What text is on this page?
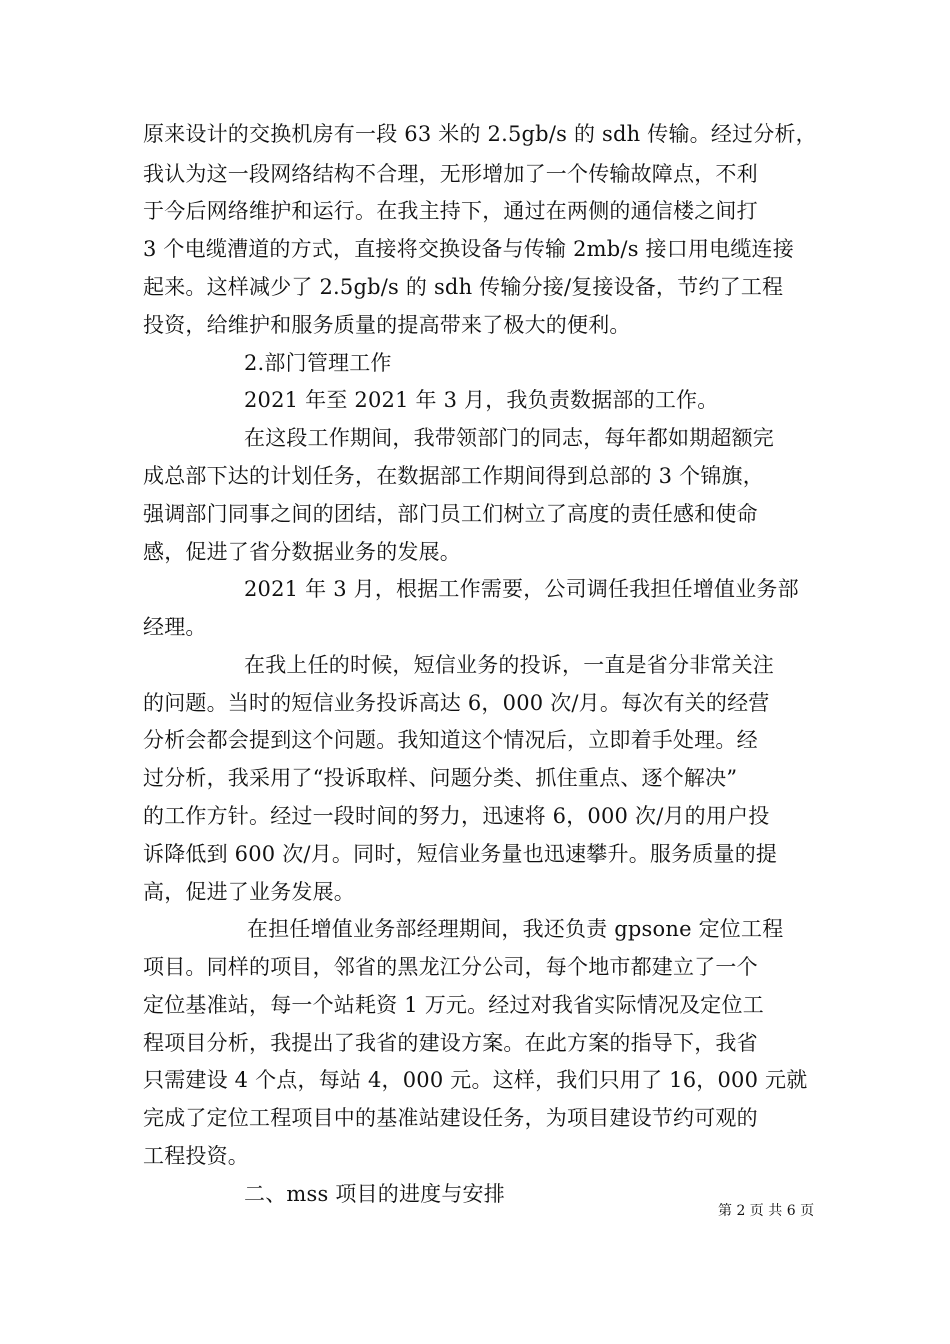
原来设计的交换机房有一段 63 米的 2.5gb/s 的 sdh 传输。经过分析，
我认为这一段网络结构不合理，无形增加了一个传输故障点，不利
于今后网络维护和运行。在我主持下，通过在两侧的通信楼之间打
3 个电缆漕道的方式，直接将交换设备与传输 2mb/s 接口用电缆连接
起来。这样减少了 2.5gb/s 的 sdh 传输分接/复接设备，节约了工程
投资，给维护和服务质量的提高带来了极大的便利。
2.部门管理工作
2021 年至 2021 年 3 月，我负责数据部的工作。
在这段工作期间，我带领部门的同志，每年都如期超额完
成总部下达的计划任务，在数据部工作期间得到总部的 3 个锦旗，
强调部门同事之间的团结，部门员工们树立了高度的责任感和使命
感，促进了省分数据业务的发展。
2021 年 3 月，根据工作需要，公司调任我担任增值业务部
经理。
在我上任的时候，短信业务的投诉，一直是省分非常关注
的问题。当时的短信业务投诉高达 6，000 次/月。每次有关的经营
分析会都会提到这个问题。我知道这个情况后，立即着手处理。经
过分析，我采用了“投诉取样、问题分类、抓住重点、逐个解决”
的工作方针。经过一段时间的努力，迅速将 6，000 次/月的用户投
诉降低到 600 次/月。同时，短信业务量也迅速攀升。服务质量的提
高，促进了业务发展。
在担任增值业务部经理期间，我还负责 gpsone 定位工程
项目。同样的项目，邻省的黑龙江分公司，每个地市都建立了一个
定位基准站，每一个站耗资 1 万元。经过对我省实际情况及定位工
程项目分析，我提出了我省的建设方案。在此方案的指导下，我省
只需建设 4 个点，每站 4，000 元。这样，我们只用了 16，000 元就
完成了定位工程项目中的基准站建设任务，为项目建设节约可观的
工程投资。
二、mss 项目的进度与安排
第 2 页 共 6 页
